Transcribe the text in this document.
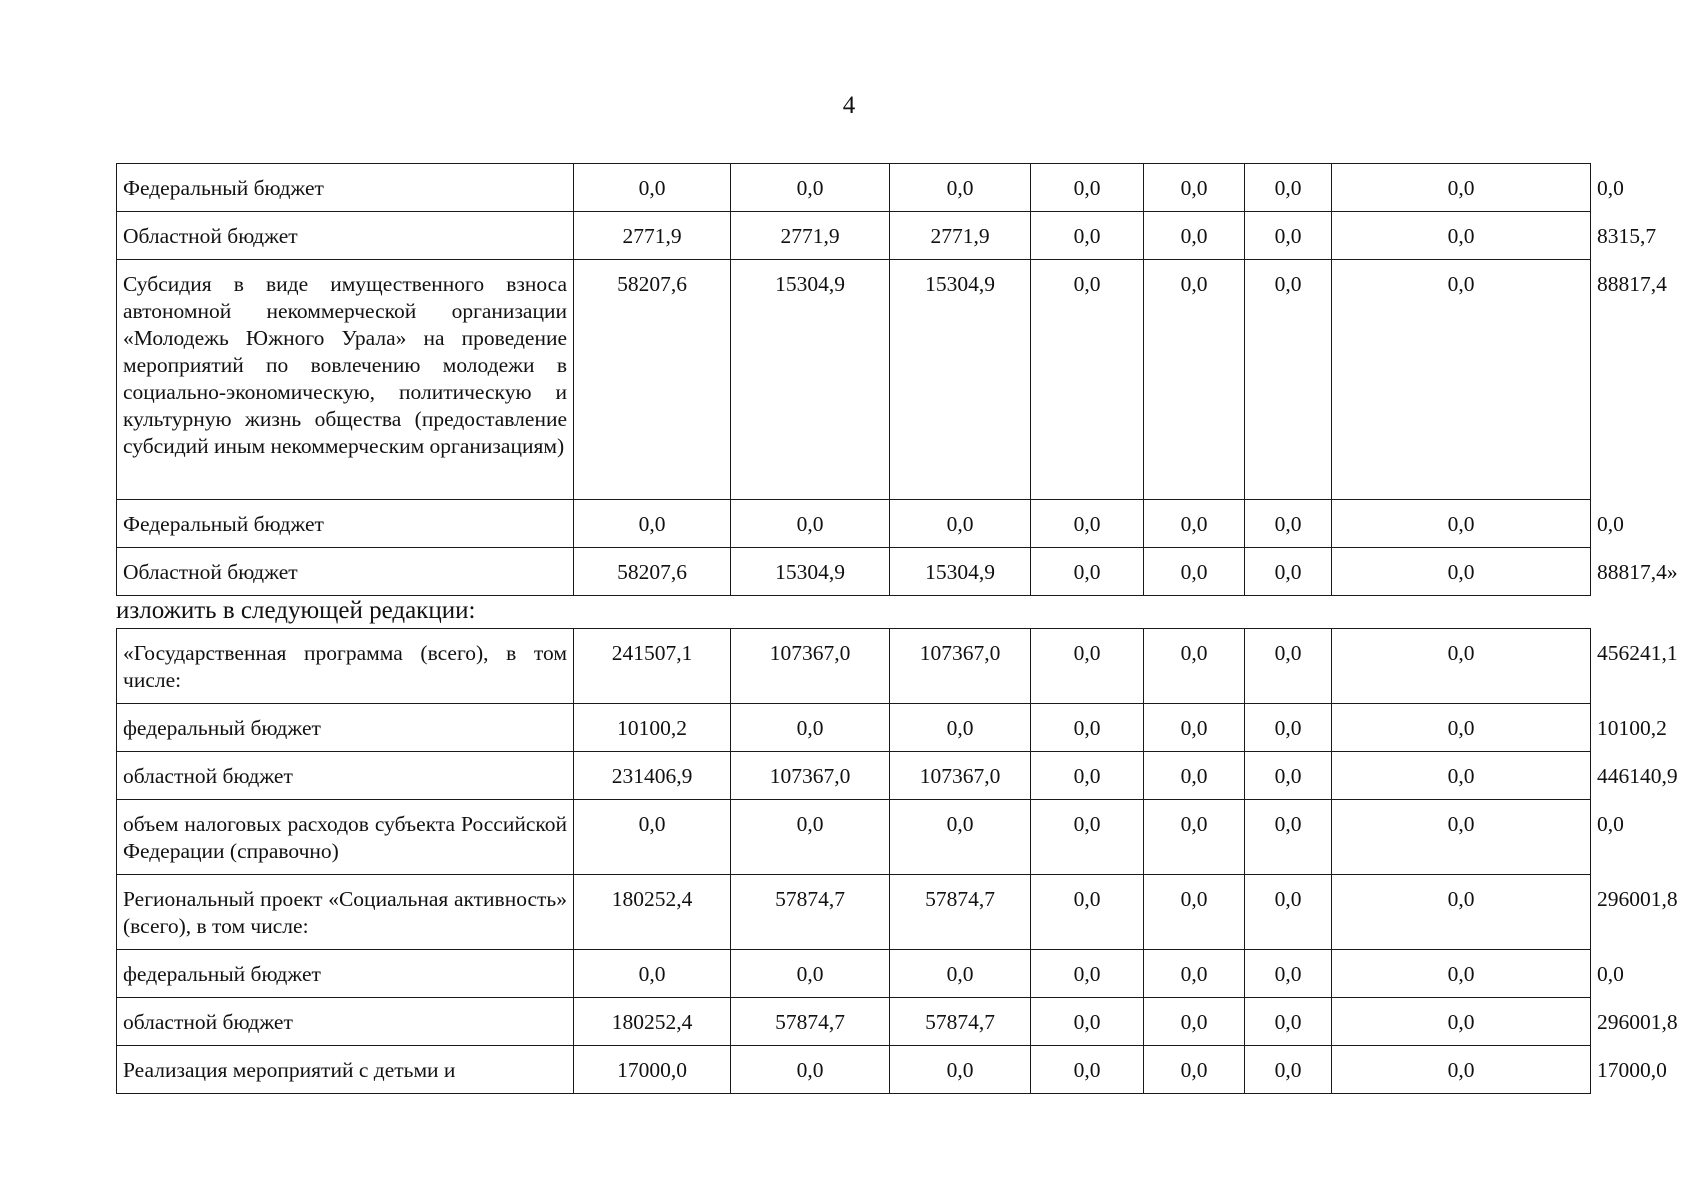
4
Федеральный бюджет	0,0	0,0	0,0	0,0	0,0	0,0	0,0	0,0
Областной бюджет	2771,9	2771,9	2771,9	0,0	0,0	0,0	0,0	8315,7
Субсидия в виде имущественного взноса автономной некоммерческой организации «Молодежь Южного Урала» на проведение мероприятий по вовлечению молодежи в социально-экономическую, политическую и культурную жизнь общества (предоставление субсидий иным некоммерческим организациям)	58207,6	15304,9	15304,9	0,0	0,0	0,0	0,0	88817,4
Федеральный бюджет	0,0	0,0	0,0	0,0	0,0	0,0	0,0	0,0
Областной бюджет	58207,6	15304,9	15304,9	0,0	0,0	0,0	0,0	88817,4»
изложить в следующей редакции:
«Государственная программа (всего), в том числе:	241507,1	107367,0	107367,0	0,0	0,0	0,0	0,0	456241,1
федеральный бюджет	10100,2	0,0	0,0	0,0	0,0	0,0	0,0	10100,2
областной бюджет	231406,9	107367,0	107367,0	0,0	0,0	0,0	0,0	446140,9
объем налоговых расходов субъекта Российской Федерации (справочно)	0,0	0,0	0,0	0,0	0,0	0,0	0,0	0,0
Региональный проект «Социальная активность» (всего), в том числе:	180252,4	57874,7	57874,7	0,0	0,0	0,0	0,0	296001,8
федеральный бюджет	0,0	0,0	0,0	0,0	0,0	0,0	0,0	0,0
областной бюджет	180252,4	57874,7	57874,7	0,0	0,0	0,0	0,0	296001,8
Реализация мероприятий с детьми и	17000,0	0,0	0,0	0,0	0,0	0,0	0,0	17000,0
